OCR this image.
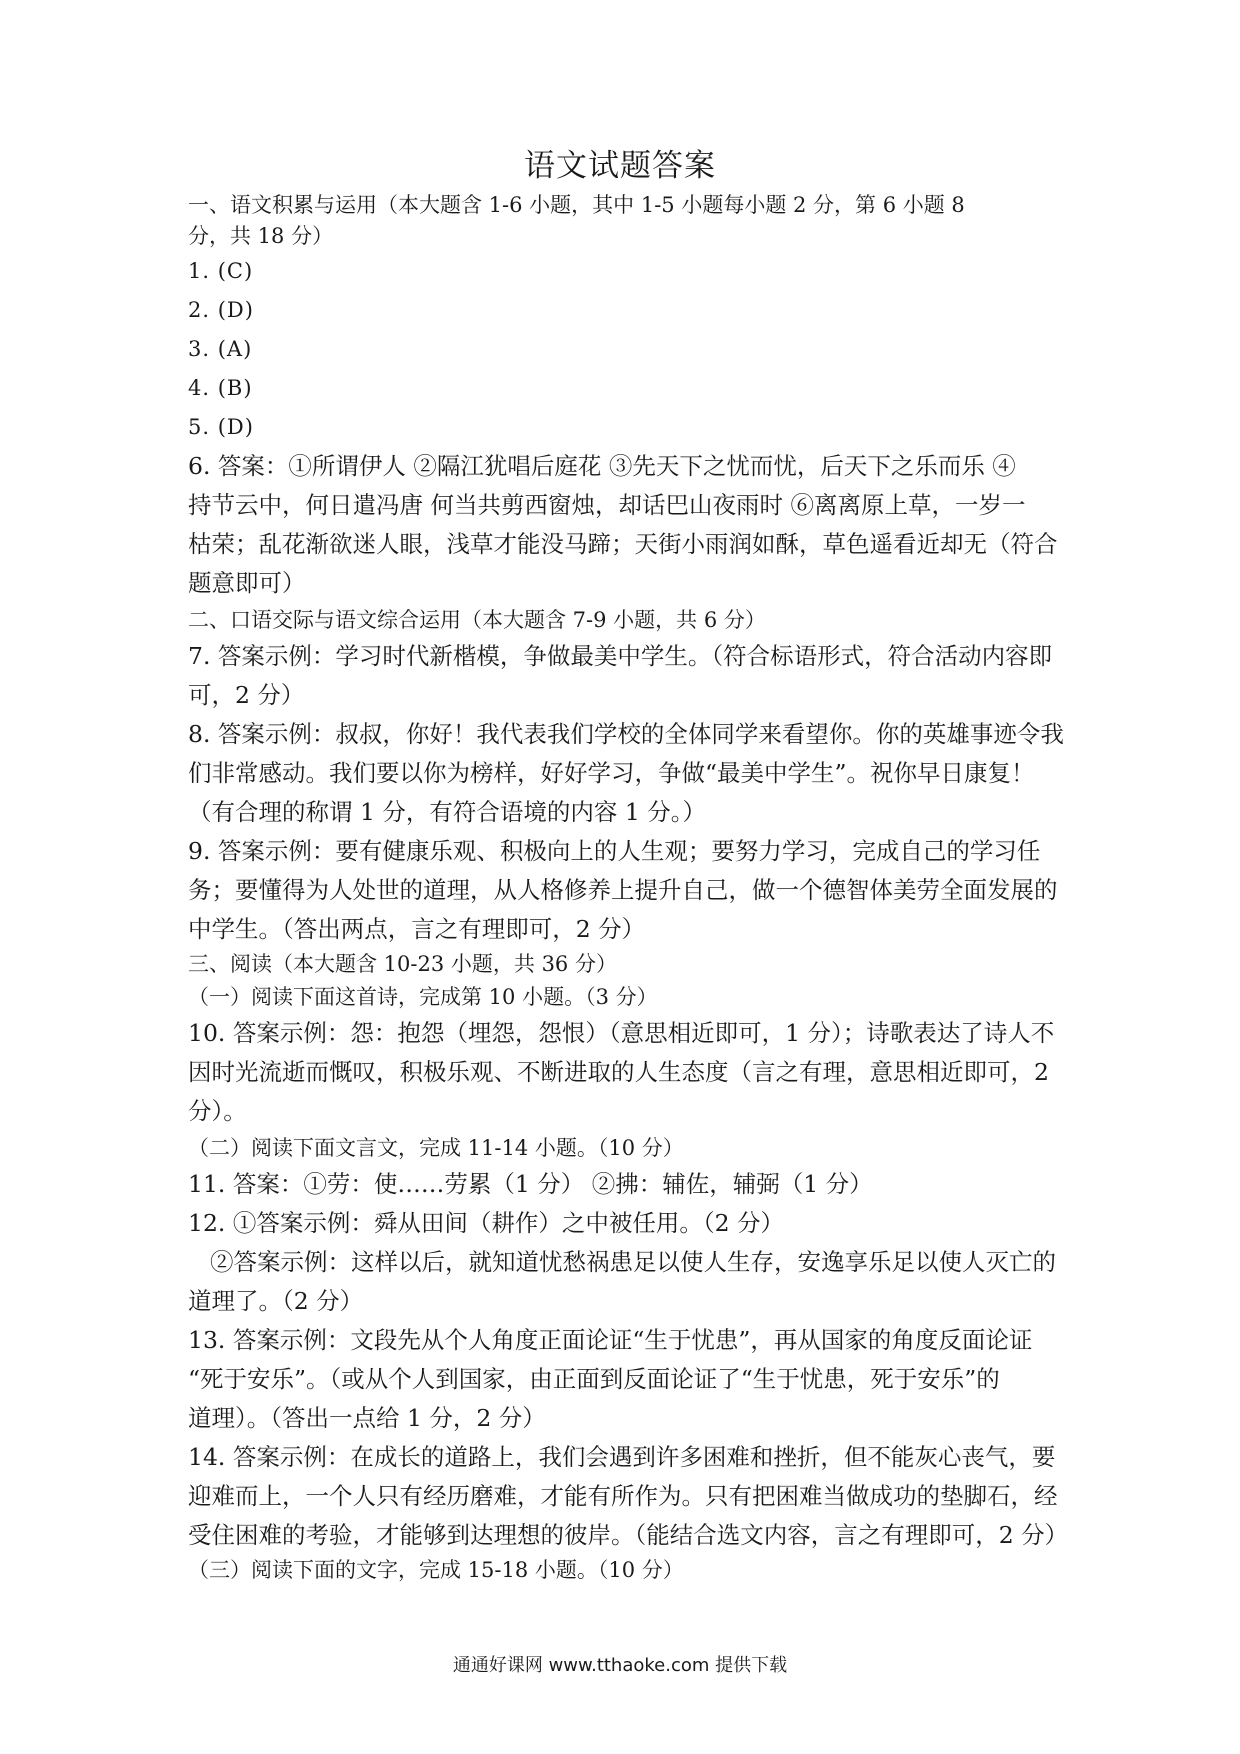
语文试题答案
一、语文积累与运用（本大题含 1-6 小题，其中 1-5 小题每小题 2 分，第 6 小题 8
分，共 18 分）
1. (C)
2. (D)
3. (A)
4. (B)
5. (D)
6. 答案：①所谓伊人 ②隔江犹唱后庭花 ③先天下之忧而忧，后天下之乐而乐 ④
持节云中，何日遣冯唐 何当共剪西窗烛，却话巴山夜雨时 ⑥离离原上草，一岁一
枯荣；乱花渐欲迷人眼，浅草才能没马蹄；天街小雨润如酥，草色遥看近却无（符合
题意即可）
二、口语交际与语文综合运用（本大题含 7-9 小题，共 6 分）
7. 答案示例：学习时代新楷模，争做最美中学生。（符合标语形式，符合活动内容即
可，2 分）
8. 答案示例：叔叔，你好！我代表我们学校的全体同学来看望你。你的英雄事迹令我
们非常感动。我们要以你为榜样，好好学习，争做“最美中学生”。祝你早日康复！
（有合理的称谓 1 分，有符合语境的内容 1 分。）
9. 答案示例：要有健康乐观、积极向上的人生观；要努力学习，完成自己的学习任
务；要懂得为人处世的道理，从人格修养上提升自己，做一个德智体美劳全面发展的
中学生。（答出两点，言之有理即可，2 分）
三、阅读（本大题含 10-23 小题，共 36 分）
（一）阅读下面这首诗，完成第 10 小题。（3 分）
10. 答案示例：怨：抱怨（埋怨，怨恨）（意思相近即可，1 分）；诗歌表达了诗人不
因时光流逝而慨叹，积极乐观、不断进取的人生态度（言之有理，意思相近即可，2
分）。
（二）阅读下面文言文，完成 11-14 小题。（10 分）
11. 答案：①劳：使……劳累（1 分） ②拂：辅佐，辅弼（1 分）
12. ①答案示例：舜从田间（耕作）之中被任用。（2 分）
②答案示例：这样以后，就知道忧愁祸患足以使人生存，安逸享乐足以使人灭亡的
道理了。（2 分）
13. 答案示例：文段先从个人角度正面论证“生于忧患”，再从国家的角度反面论证
“死于安乐”。（或从个人到国家，由正面到反面论证了“生于忧患，死于安乐”的
道理）。（答出一点给 1 分，2 分）
14. 答案示例：在成长的道路上，我们会遇到许多困难和挫折，但不能灰心丧气，要
迎难而上，一个人只有经历磨难，才能有所作为。只有把困难当做成功的垫脚石，经
受住困难的考验，才能够到达理想的彼岸。（能结合选文内容，言之有理即可，2 分）
（三）阅读下面的文字，完成 15-18 小题。（10 分）
通通好课网 www.tthaoke.com 提供下载
